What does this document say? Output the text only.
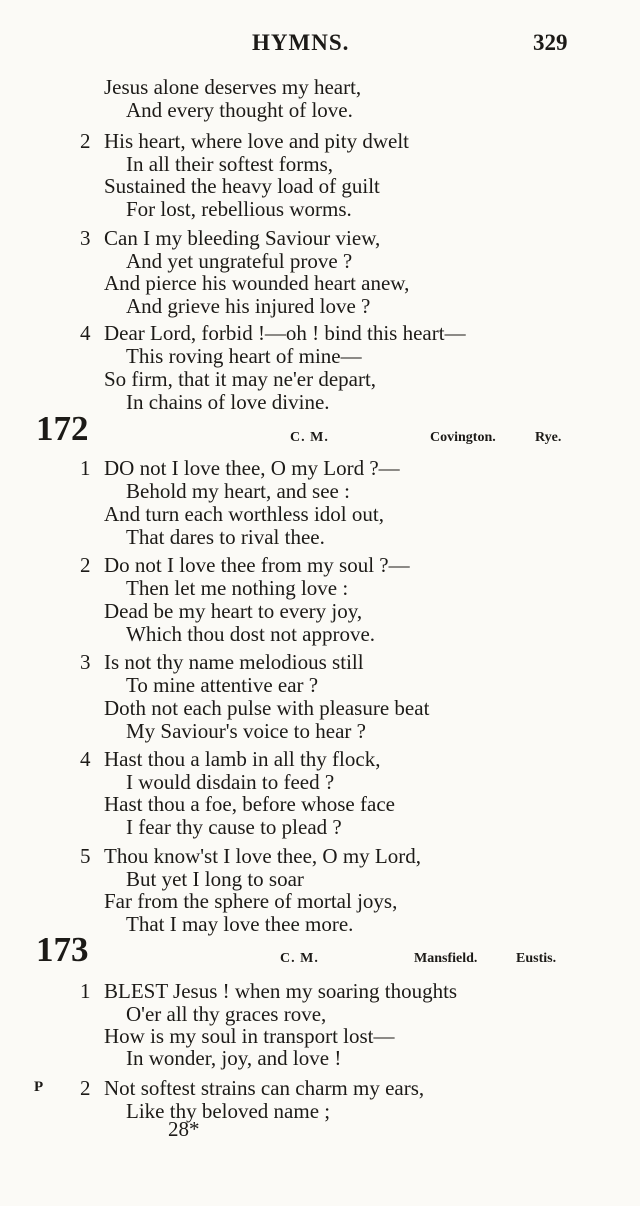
HYMNS.	329
Jesus alone deserves my heart,
And every thought of love.
2 His heart, where love and pity dwelt
In all their softest forms,
Sustained the heavy load of guilt
For lost, rebellious worms.
3 Can I my bleeding Saviour view,
And yet ungrateful prove ?
And pierce his wounded heart anew,
And grieve his injured love ?
4 Dear Lord, forbid !—oh ! bind this heart—
This roving heart of mine—
So firm, that it may ne'er depart,
In chains of love divine.
172	C. M.	Covington.	Rye.
1 DO not I love thee, O my Lord ?—
Behold my heart, and see :
And turn each worthless idol out,
That dares to rival thee.
2 Do not I love thee from my soul ?—
Then let me nothing love :
Dead be my heart to every joy,
Which thou dost not approve.
3 Is not thy name melodious still
To mine attentive ear ?
Doth not each pulse with pleasure beat
My Saviour's voice to hear ?
4 Hast thou a lamb in all thy flock,
I would disdain to feed ?
Hast thou a foe, before whose face
I fear thy cause to plead ?
5 Thou know'st I love thee, O my Lord,
But yet I long to soar
Far from the sphere of mortal joys,
That I may love thee more.
173	C. M.	Mansfield.	Eustis.
1 BLEST Jesus ! when my soaring thoughts
O'er all thy graces rove,
How is my soul in transport lost—
In wonder, joy, and love !
P 2 Not softest strains can charm my ears,
Like thy beloved name ;
28*
